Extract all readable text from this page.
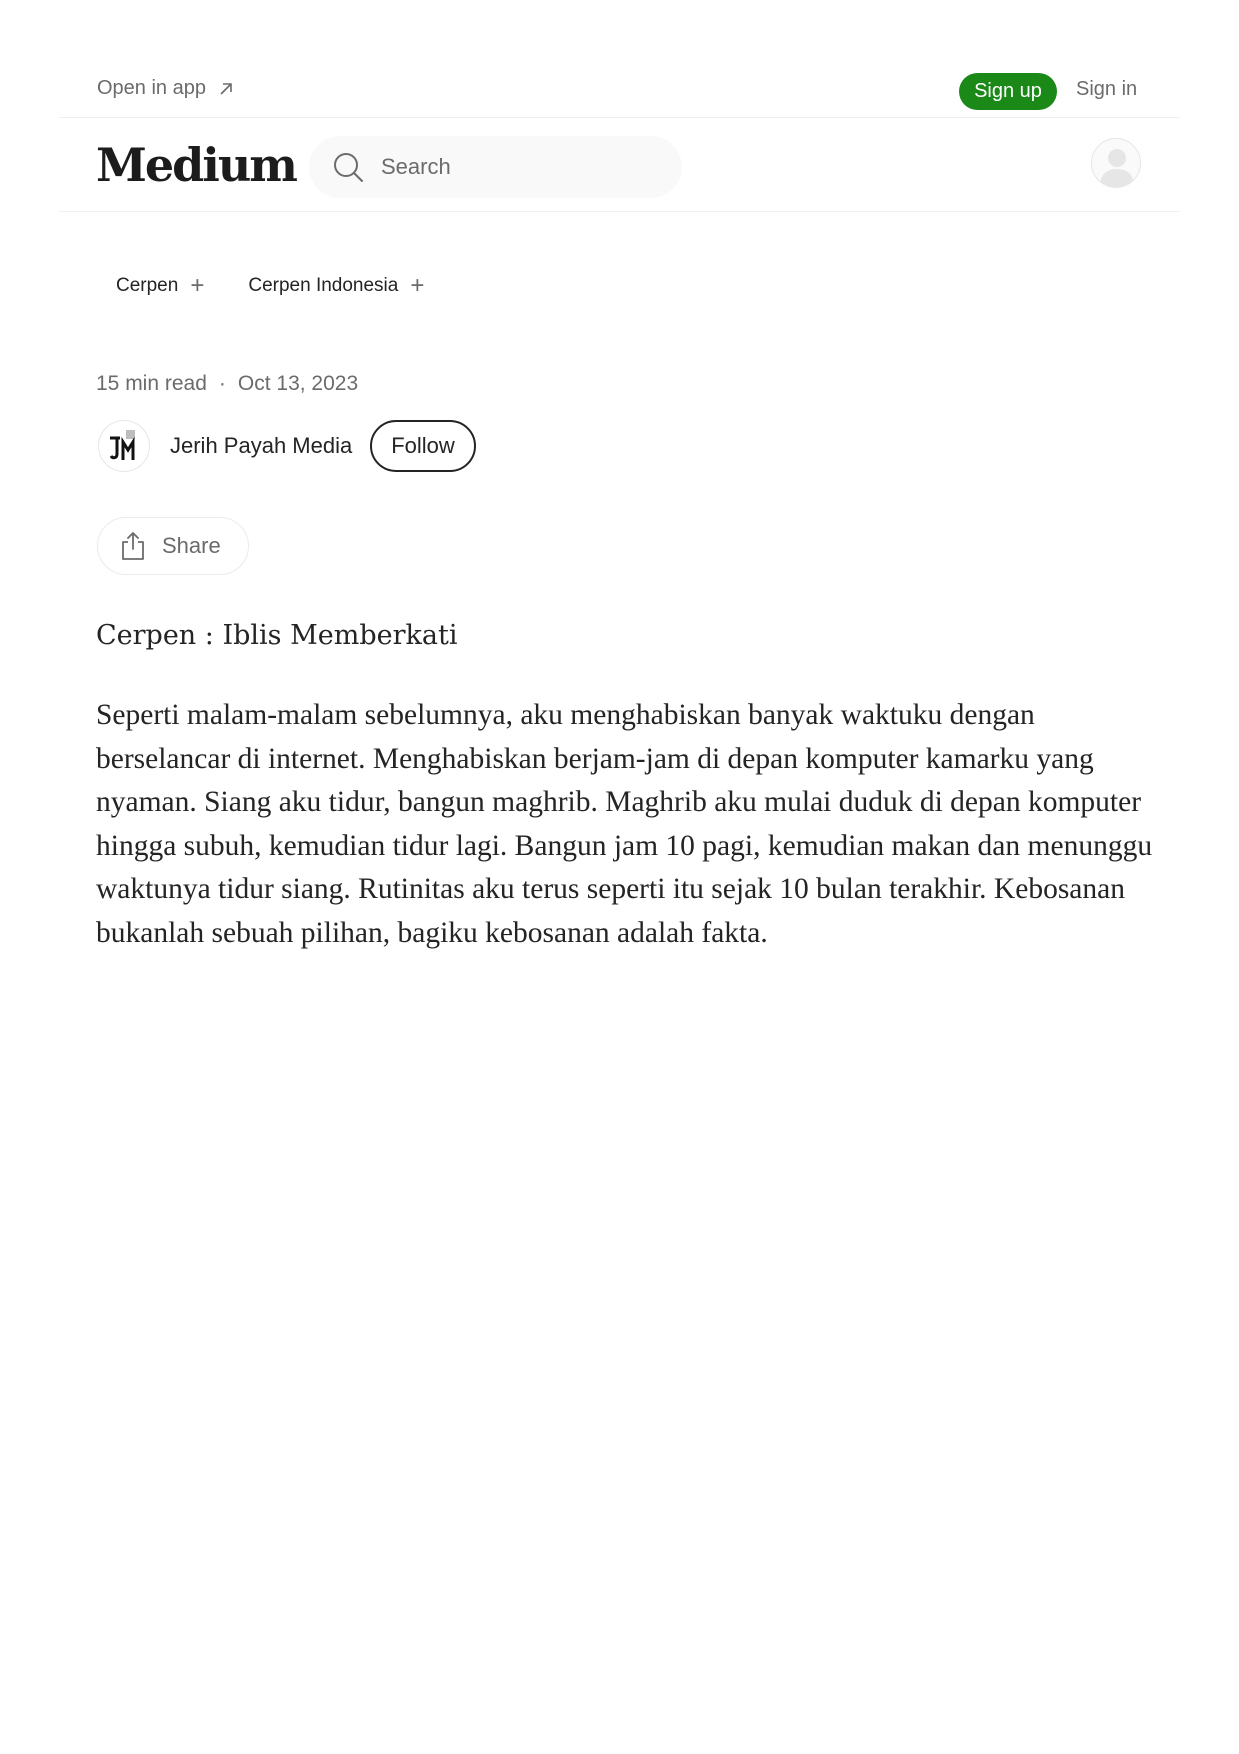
Open in app	Sign up	Sign in
Medium
Search
Cerpen + Cerpen Indonesia +
15 min read · Oct 13, 2023
Jerih Payah Media	Follow
Share
Cerpen : Iblis Memberkati

Seperti malam-malam sebelumnya, aku menghabiskan banyak waktuku dengan berselancar di internet. Menghabiskan berjam-jam di depan komputer kamarku yang nyaman. Siang aku tidur, bangun maghrib. Maghrib aku mulai duduk di depan komputer hingga subuh, kemudian tidur lagi. Bangun jam 10 pagi, kemudian makan dan menunggu waktunya tidur siang. Rutinitas aku terus seperti itu sejak 10 bulan terakhir. Kebosanan bukanlah sebuah pilihan, bagiku kebosanan adalah fakta.
